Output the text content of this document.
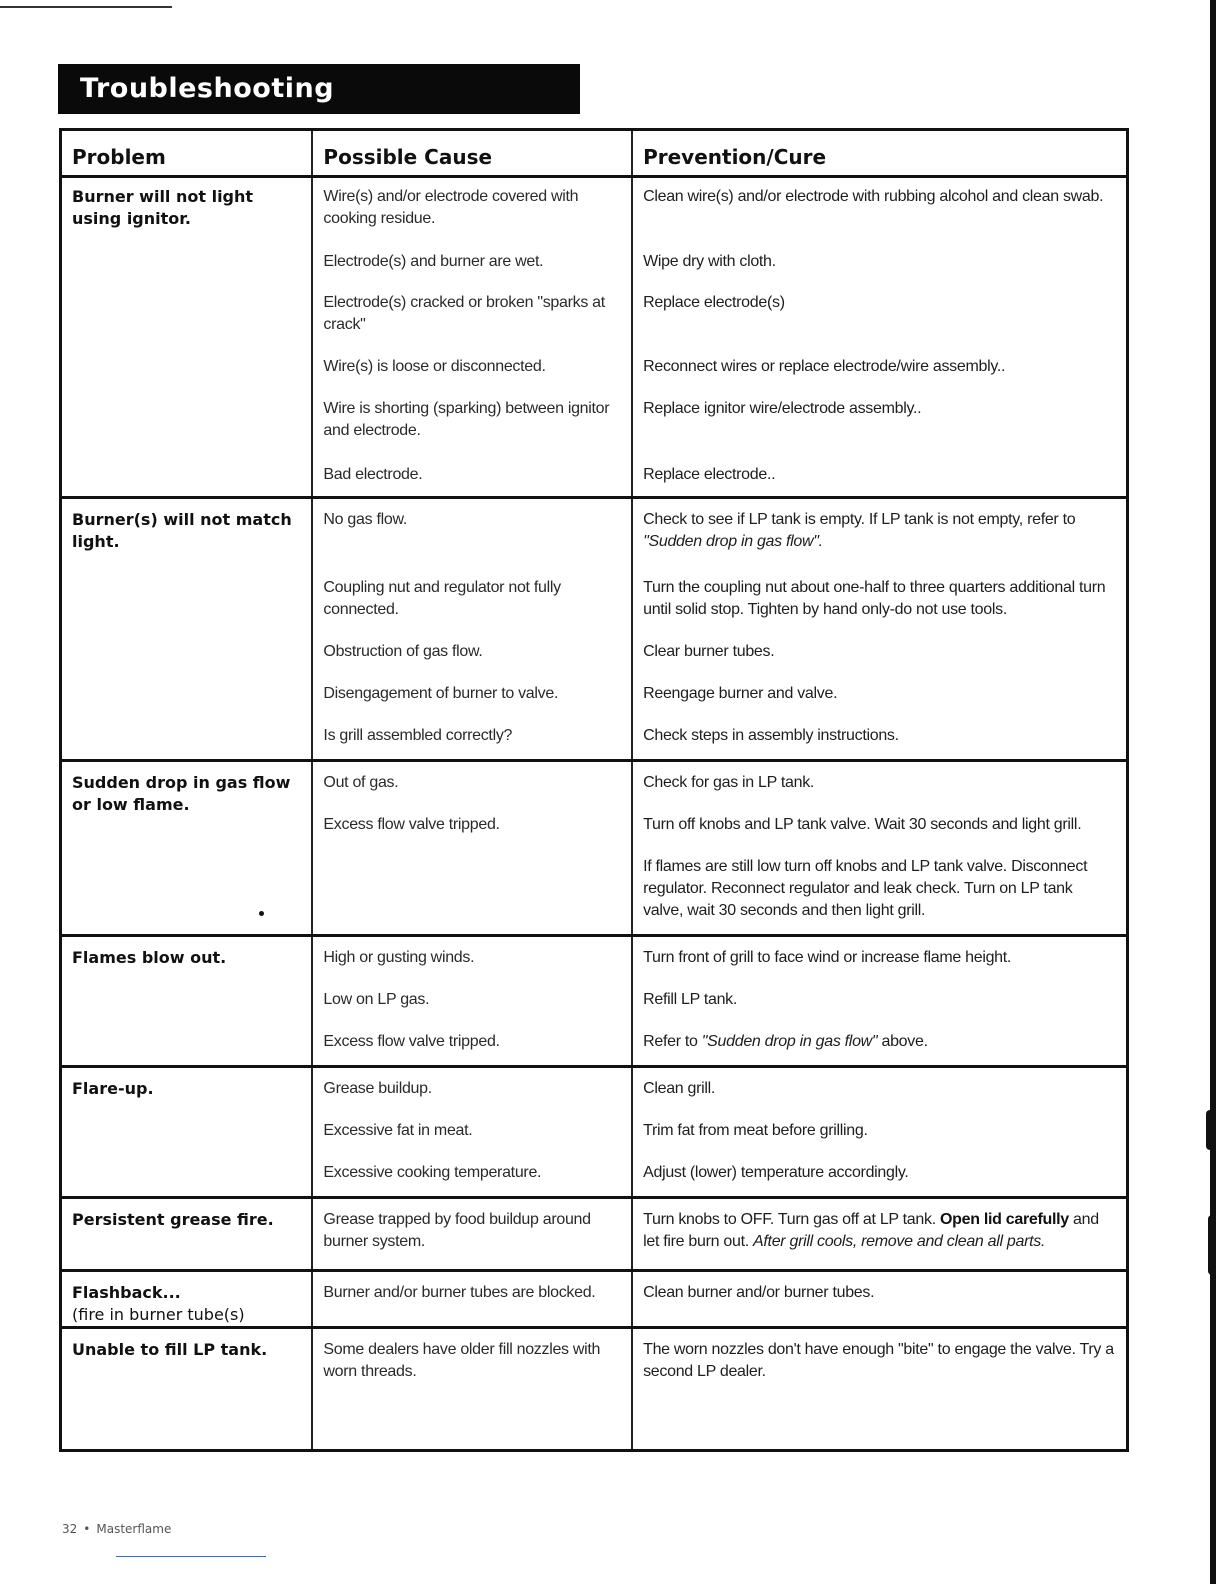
Troubleshooting
Problem	Possible Cause	Prevention/Cure
Burner will not light using ignitor.	Wire(s) and/or electrode covered with cooking residue.	Clean wire(s) and/or electrode with rubbing alcohol and clean swab.
	Electrode(s) and burner are wet.	Wipe dry with cloth.
	Electrode(s) cracked or broken "sparks at crack"	Replace electrode(s)
	Wire(s) is loose or disconnected.	Reconnect wires or replace electrode/wire assembly..
	Wire is shorting (sparking) between ignitor and electrode.	Replace ignitor wire/electrode assembly..
	Bad electrode.	Replace electrode..
Burner(s) will not match light.	No gas flow.	Check to see if LP tank is empty. If LP tank is not empty, refer to
"Sudden drop in gas flow".

	Coupling nut and regulator not fully connected.	Turn the coupling nut about one-half to three quarters additional turn until solid stop. Tighten by hand only-do not use tools.
	Obstruction of gas flow.	Clear burner tubes.
	Disengagement of burner to valve.	Reengage burner and valve.
	Is grill assembled correctly?	Check steps in assembly instructions.
Sudden drop in gas flow or low flame.	Out of gas.	Check for gas in LP tank.
	Excess flow valve tripped.	Turn off knobs and LP tank valve. Wait 30 seconds and light grill.
		If flames are still low turn off knobs and LP tank valve. Disconnect regulator. Reconnect regulator and leak check. Turn on LP tank valve, wait 30 seconds and then light grill.
Flames blow out.	High or gusting winds.	Turn front of grill to face wind or increase flame height.
	Low on LP gas.	Refill LP tank.
	Excess flow valve tripped.	Refer to "Sudden drop in gas flow" above.
Flare-up.	Grease buildup.	Clean grill.
	Excessive fat in meat.	Trim fat from meat before grilling.
	Excessive cooking temperature.	Adjust (lower) temperature accordingly.
Persistent grease fire.	Grease trapped by food buildup around burner system.	Turn knobs to OFF. Turn gas off at LP tank. Open lid carefully and let fire burn out. After grill cools, remove and clean all parts.
Flashback...
(fire in burner tube(s)	Burner and/or burner tubes are blocked.	Clean burner and/or burner tubes.
Unable to fill LP tank.	Some dealers have older fill nozzles with worn threads.	The worn nozzles don't have enough "bite" to engage the valve. Try a second LP dealer.
32 • Masterflame
